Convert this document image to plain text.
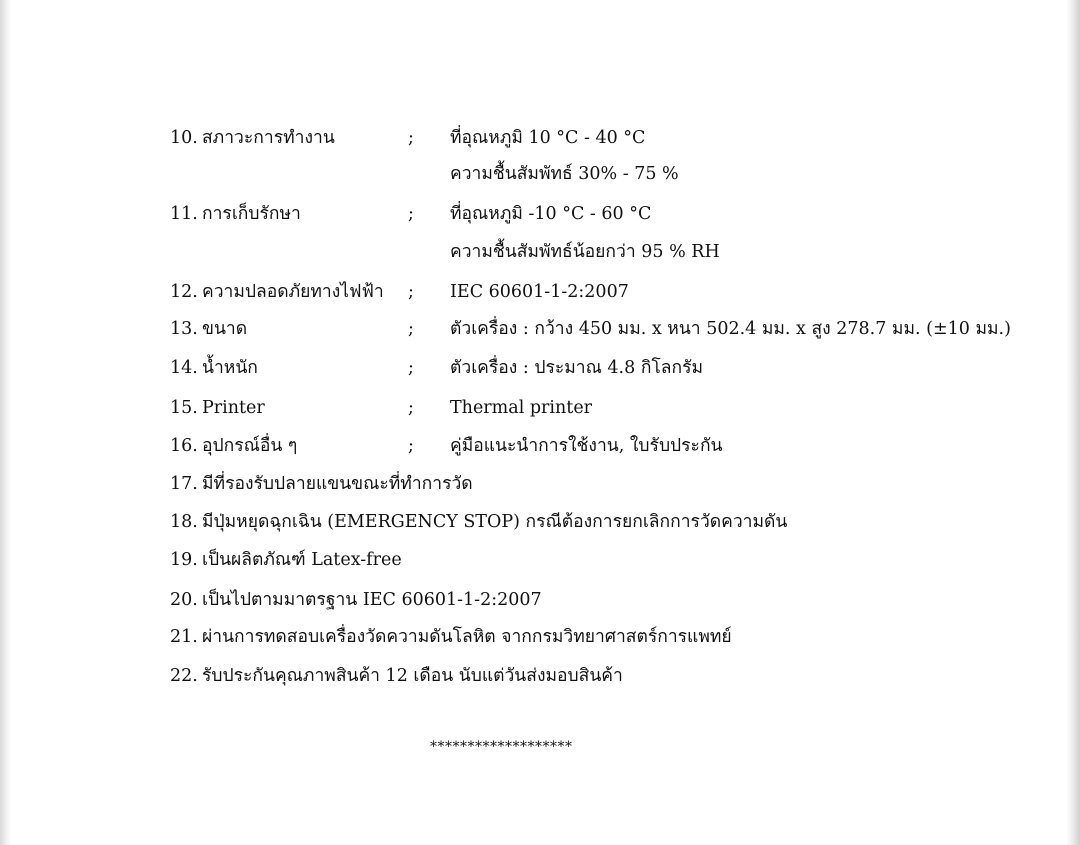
10. สภาวะการทำงาน	; ที่อุณหภูมิ 10 °C - 40 °C
ความชื้นสัมพัทธ์ 30% - 75 %
11. การเก็บรักษา	; ที่อุณหภูมิ -10 °C - 60 °C
ความชื้นสัมพัทธ์น้อยกว่า 95 % RH
12. ความปลอดภัยทางไฟฟ้า ; IEC 60601-1-2:2007
13. ขนาด	; ตัวเครื่อง : กว้าง 450 มม. x หนา 502.4 มม. x สูง 278.7 มม. (±10 มม.)
14. น้ำหนัก	; ตัวเครื่อง : ประมาณ 4.8 กิโลกรัม
15. Printer	; Thermal printer
16. อุปกรณ์อื่น ๆ	; คู่มือแนะนำการใช้งาน, ใบรับประกัน
17. มีที่รองรับปลายแขนขณะที่ทำการวัด
18. มีปุ่มหยุดฉุกเฉิน (EMERGENCY STOP) กรณีต้องการยกเลิกการวัดความดัน
19. เป็นผลิตภัณฑ์ Latex-free
20. เป็นไปตามมาตรฐาน IEC 60601-1-2:2007
21. ผ่านการทดสอบเครื่องวัดความดันโลหิต จากกรมวิทยาศาสตร์การแพทย์
22. รับประกันคุณภาพสินค้า 12 เดือน นับแต่วันส่งมอบสินค้า
*******************
